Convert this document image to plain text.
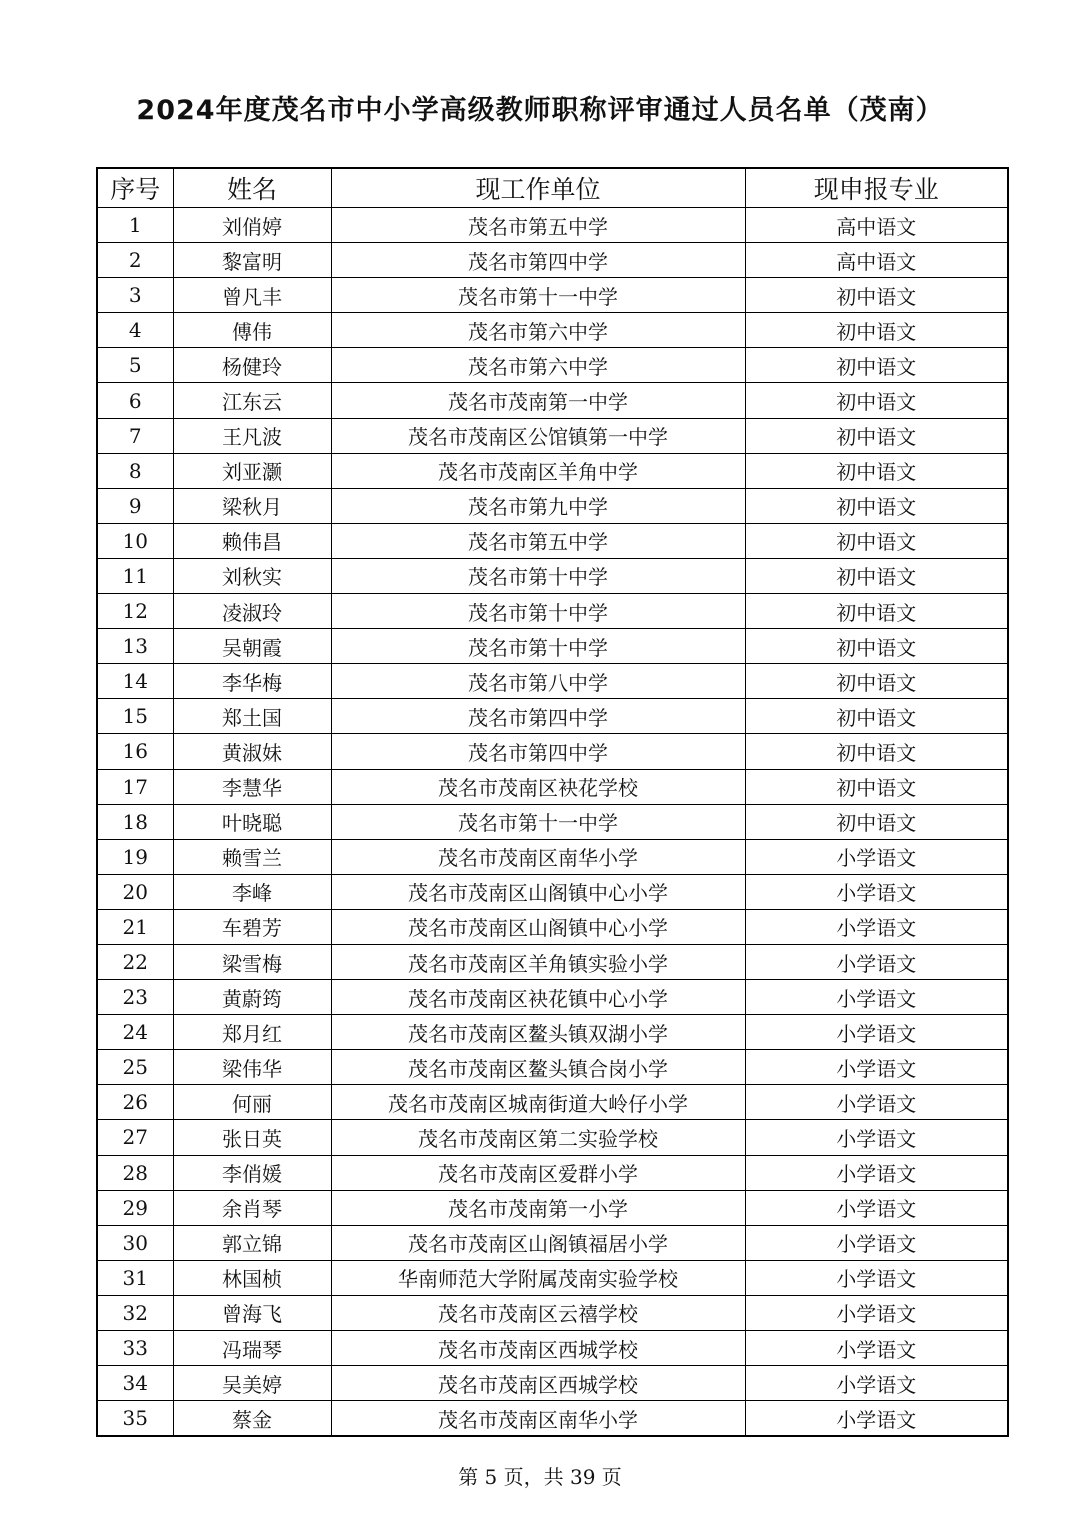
2024年度茂名市中小学高级教师职称评审通过人员名单（茂南）
序号	姓名	现工作单位	现申报专业
1	刘俏婷	茂名市第五中学	高中语文
2	黎富明	茂名市第四中学	高中语文
3	曾凡丰	茂名市第十一中学	初中语文
4	傅伟	茂名市第六中学	初中语文
5	杨健玲	茂名市第六中学	初中语文
6	江东云	茂名市茂南第一中学	初中语文
7	王凡波	茂名市茂南区公馆镇第一中学	初中语文
8	刘亚灏	茂名市茂南区羊角中学	初中语文
9	梁秋月	茂名市第九中学	初中语文
10	赖伟昌	茂名市第五中学	初中语文
11	刘秋实	茂名市第十中学	初中语文
12	凌淑玲	茂名市第十中学	初中语文
13	吴朝霞	茂名市第十中学	初中语文
14	李华梅	茂名市第八中学	初中语文
15	郑土国	茂名市第四中学	初中语文
16	黄淑妹	茂名市第四中学	初中语文
17	李慧华	茂名市茂南区袂花学校	初中语文
18	叶晓聪	茂名市第十一中学	初中语文
19	赖雪兰	茂名市茂南区南华小学	小学语文
20	李峰	茂名市茂南区山阁镇中心小学	小学语文
21	车碧芳	茂名市茂南区山阁镇中心小学	小学语文
22	梁雪梅	茂名市茂南区羊角镇实验小学	小学语文
23	黄蔚筠	茂名市茂南区袂花镇中心小学	小学语文
24	郑月红	茂名市茂南区鳌头镇双湖小学	小学语文
25	梁伟华	茂名市茂南区鳌头镇合岗小学	小学语文
26	何丽	茂名市茂南区城南街道大岭仔小学	小学语文
27	张日英	茂名市茂南区第二实验学校	小学语文
28	李俏媛	茂名市茂南区爱群小学	小学语文
29	余肖琴	茂名市茂南第一小学	小学语文
30	郭立锦	茂名市茂南区山阁镇福居小学	小学语文
31	林国桢	华南师范大学附属茂南实验学校	小学语文
32	曾海飞	茂名市茂南区云禧学校	小学语文
33	冯瑞琴	茂名市茂南区西城学校	小学语文
34	吴美婷	茂名市茂南区西城学校	小学语文
35	蔡金	茂名市茂南区南华小学	小学语文
第 5 页，共 39 页
